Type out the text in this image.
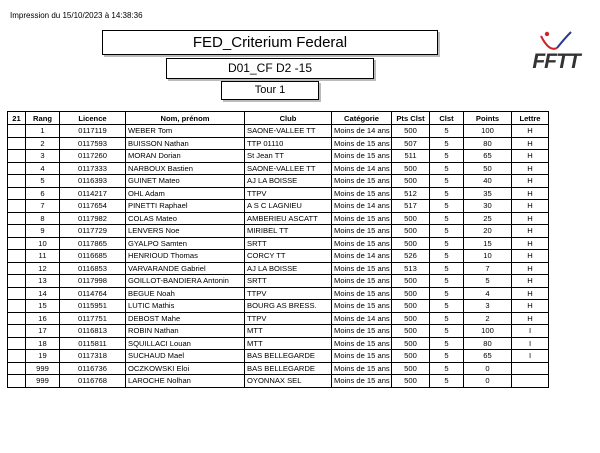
Impression du 15/10/2023 à 14:38:36
FED_Criterium Federal
D01_CF D2 -15
Tour 1
FFTT
21	Rang	Licence	Nom, prénom	Club	Catégorie	Pts Clst	Clst	Points	Lettre
	1	0117119	WEBER Tom	SAONE-VALLEE TT	Moins de 14 ans	500	5	100	H
	2	0117593	BUISSON Nathan	TTP 01110	Moins de 15 ans	507	5	80	H
	3	0117260	MORAN Dorian	St Jean TT	Moins de 15 ans	511	5	65	H
	4	0117333	NARBOUX Bastien	SAONE-VALLEE TT	Moins de 14 ans	500	5	50	H
	5	0116393	GUINET Mateo	AJ LA BOISSE	Moins de 15 ans	500	5	40	H
	6	0114217	OHL Adam	TTPV	Moins de 15 ans	512	5	35	H
	7	0117654	PINETTI Raphael	A S C LAGNIEU	Moins de 14 ans	517	5	30	H
	8	0117982	COLAS Mateo	AMBERIEU ASCATT	Moins de 15 ans	500	5	25	H
	9	0117729	LENVERS Noe	MIRIBEL TT	Moins de 15 ans	500	5	20	H
	10	0117865	GYALPO Samten	SRTT	Moins de 15 ans	500	5	15	H
	11	0116685	HENRIOUD Thomas	CORCY TT	Moins de 14 ans	526	5	10	H
	12	0116853	VARVARANDE Gabriel	AJ LA BOISSE	Moins de 15 ans	513	5	7	H
	13	0117998	GOILLOT-BANDIERA Antonin	SRTT	Moins de 15 ans	500	5	5	H
	14	0114764	BEGUE Noah	TTPV	Moins de 15 ans	500	5	4	H
	15	0115951	LUTIC Mathis	BOURG AS BRESS.	Moins de 15 ans	500	5	3	H
	16	0117751	DEBOST Mahe	TTPV	Moins de 14 ans	500	5	2	H
	17	0116813	ROBIN Nathan	MTT	Moins de 15 ans	500	5	100	I
	18	0115811	SQUILLACI Louan	MTT	Moins de 15 ans	500	5	80	I
	19	0117318	SUCHAUD Mael	BAS BELLEGARDE	Moins de 15 ans	500	5	65	I
	999	0116736	OCZKOWSKI Eloi	BAS BELLEGARDE	Moins de 15 ans	500	5	0	
	999	0116768	LAROCHE Nolhan	OYONNAX SEL	Moins de 15 ans	500	5	0	
